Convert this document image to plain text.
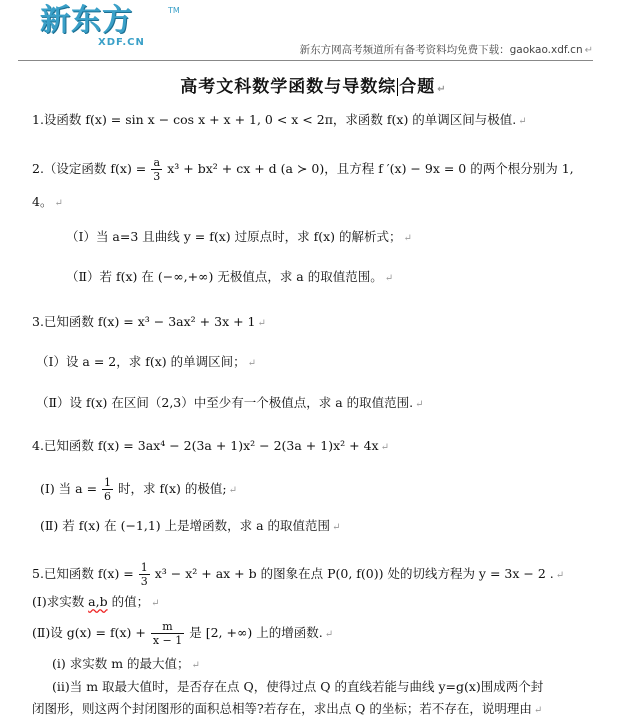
新东方	TM
XDF.CN
新东方网高考频道所有备考资料均免费下载：gaokao.xdf.cn ↵
高考文科数学函数与导数综 合题 ↵
1.设函数 f(x) = sin x − cos x + x + 1, 0 < x < 2π，求函数 f(x) 的单调区间与极值. ↵
2.（设定函数 $f(x) = \frac{a}{3} x^3 + bx^2$ + cx + d (a ≻ 0)，且方程 f ′(x) − 9x = 0 的两个根分别为 1,
4。 ↵
（Ⅰ）当 a=3 且曲线 y = f(x) 过原点时，求 f(x) 的解析式； ↵
（Ⅱ）若 f(x) 在 (−∞,+∞) 无极值点，求 a 的取值范围。 ↵
3.已知函数 f(x) = x³ − 3ax² + 3x + 1 ↵
（Ⅰ）设 a = 2，求 f(x) 的单调区间； ↵
（Ⅱ）设 f(x) 在区间（2,3）中至少有一个极值点，求 a 的取值范围. ↵
4.已知函数 f(x) = 3ax⁴ − 2(3a + 1)x² − 2(3a + 1)x² + 4x ↵
(Ⅰ) 当 $a = \frac{1}{6}$ 时，求 f(x) 的极值; ↵
(Ⅱ) 若 f(x) 在 (−1,1) 上是增函数，求 a 的取值范围 ↵
5.已知函数 $f(x) = \frac{1}{3} x^3 - x^2$ + ax + b 的图象在点 P(0, f(0)) 处的切线方程为 y = 3x − 2 . ↵
(Ⅰ)求实数 a,b 的值； ↵
(Ⅱ)设 $g(x) = f(x) + \frac{m}{x - 1}$ 是 [2, +∞) 上的增函数. ↵
(i) 求实数 m 的最大值； ↵
(ii)当 m 取最大值时，是否存在点 Q，使得过点 Q 的直线若能与曲线 y=g(x)围成两个封
闭图形，则这两个封闭图形的面积总相等?若存在，求出点 Q 的坐标；若不存在，说明理由 ↵
